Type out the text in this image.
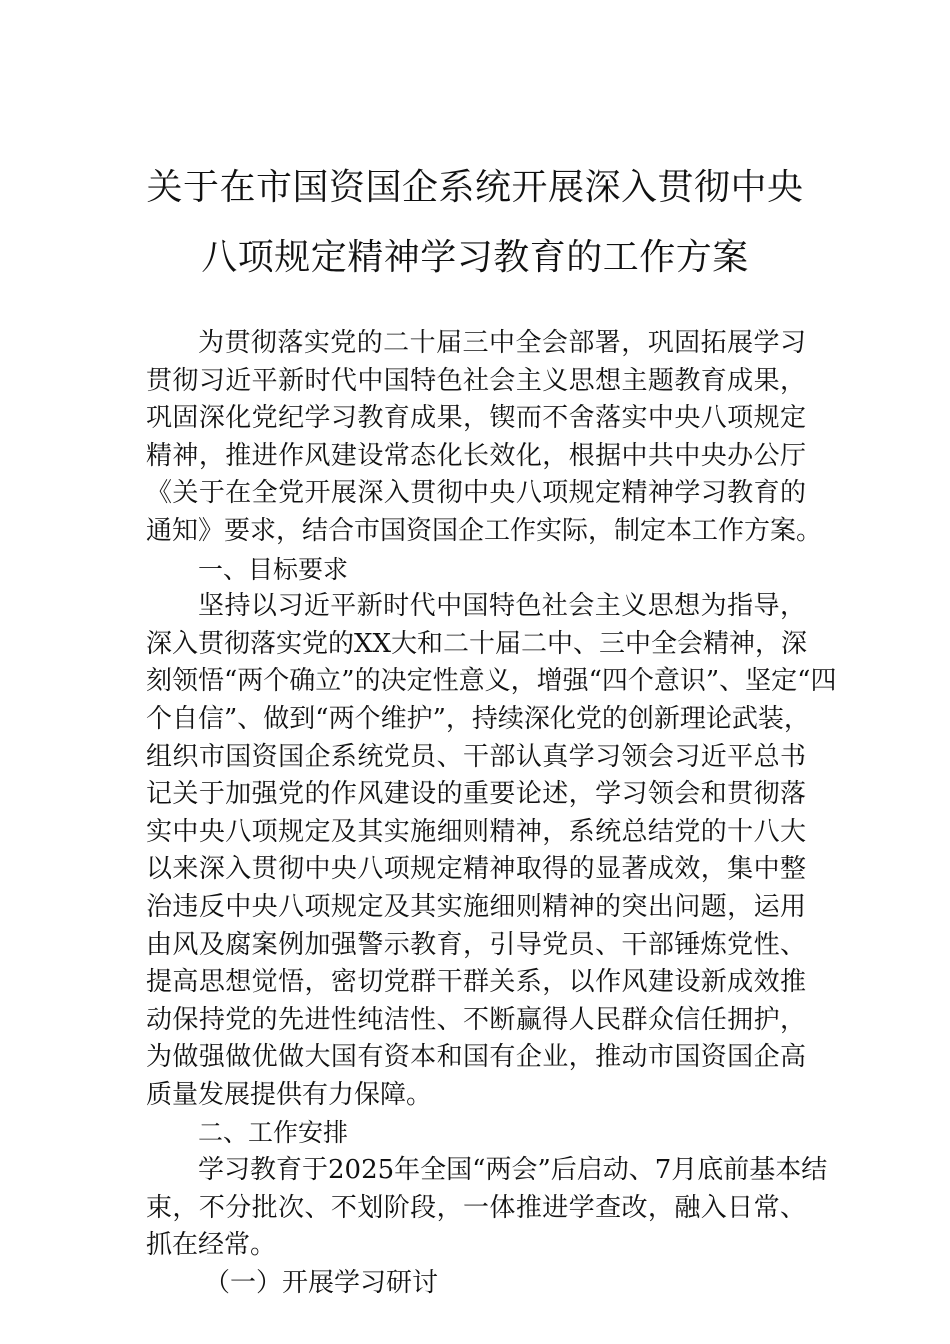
关于在市国资国企系统开展深入贯彻中央
八项规定精神学习教育的工作方案
为贯彻落实党的二十届三中全会部署，巩固拓展学习
贯彻习近平新时代中国特色社会主义思想主题教育成果，
巩固深化党纪学习教育成果，锲而不舍落实中央八项规定
精神，推进作风建设常态化长效化，根据中共中央办公厅
《关于在全党开展深入贯彻中央八项规定精神学习教育的
通知》要求，结合市国资国企工作实际，制定本工作方案。
一、目标要求
坚持以习近平新时代中国特色社会主义思想为指导，
深入贯彻落实党的XX大和二十届二中、三中全会精神，深
刻领悟“两个确立”的决定性意义，增强“四个意识”、坚定“四
个自信”、做到“两个维护”，持续深化党的创新理论武装，
组织市国资国企系统党员、干部认真学习领会习近平总书
记关于加强党的作风建设的重要论述，学习领会和贯彻落
实中央八项规定及其实施细则精神，系统总结党的十八大
以来深入贯彻中央八项规定精神取得的显著成效，集中整
治违反中央八项规定及其实施细则精神的突出问题，运用
由风及腐案例加强警示教育，引导党员、干部锤炼党性、
提高思想觉悟，密切党群干群关系，以作风建设新成效推
动保持党的先进性纯洁性、不断赢得人民群众信任拥护，
为做强做优做大国有资本和国有企业，推动市国资国企高
质量发展提供有力保障。
二、工作安排
学习教育于2025年全国“两会”后启动、7月底前基本结
束，不分批次、不划阶段，一体推进学查改，融入日常、
抓在经常。
（一）开展学习研讨
